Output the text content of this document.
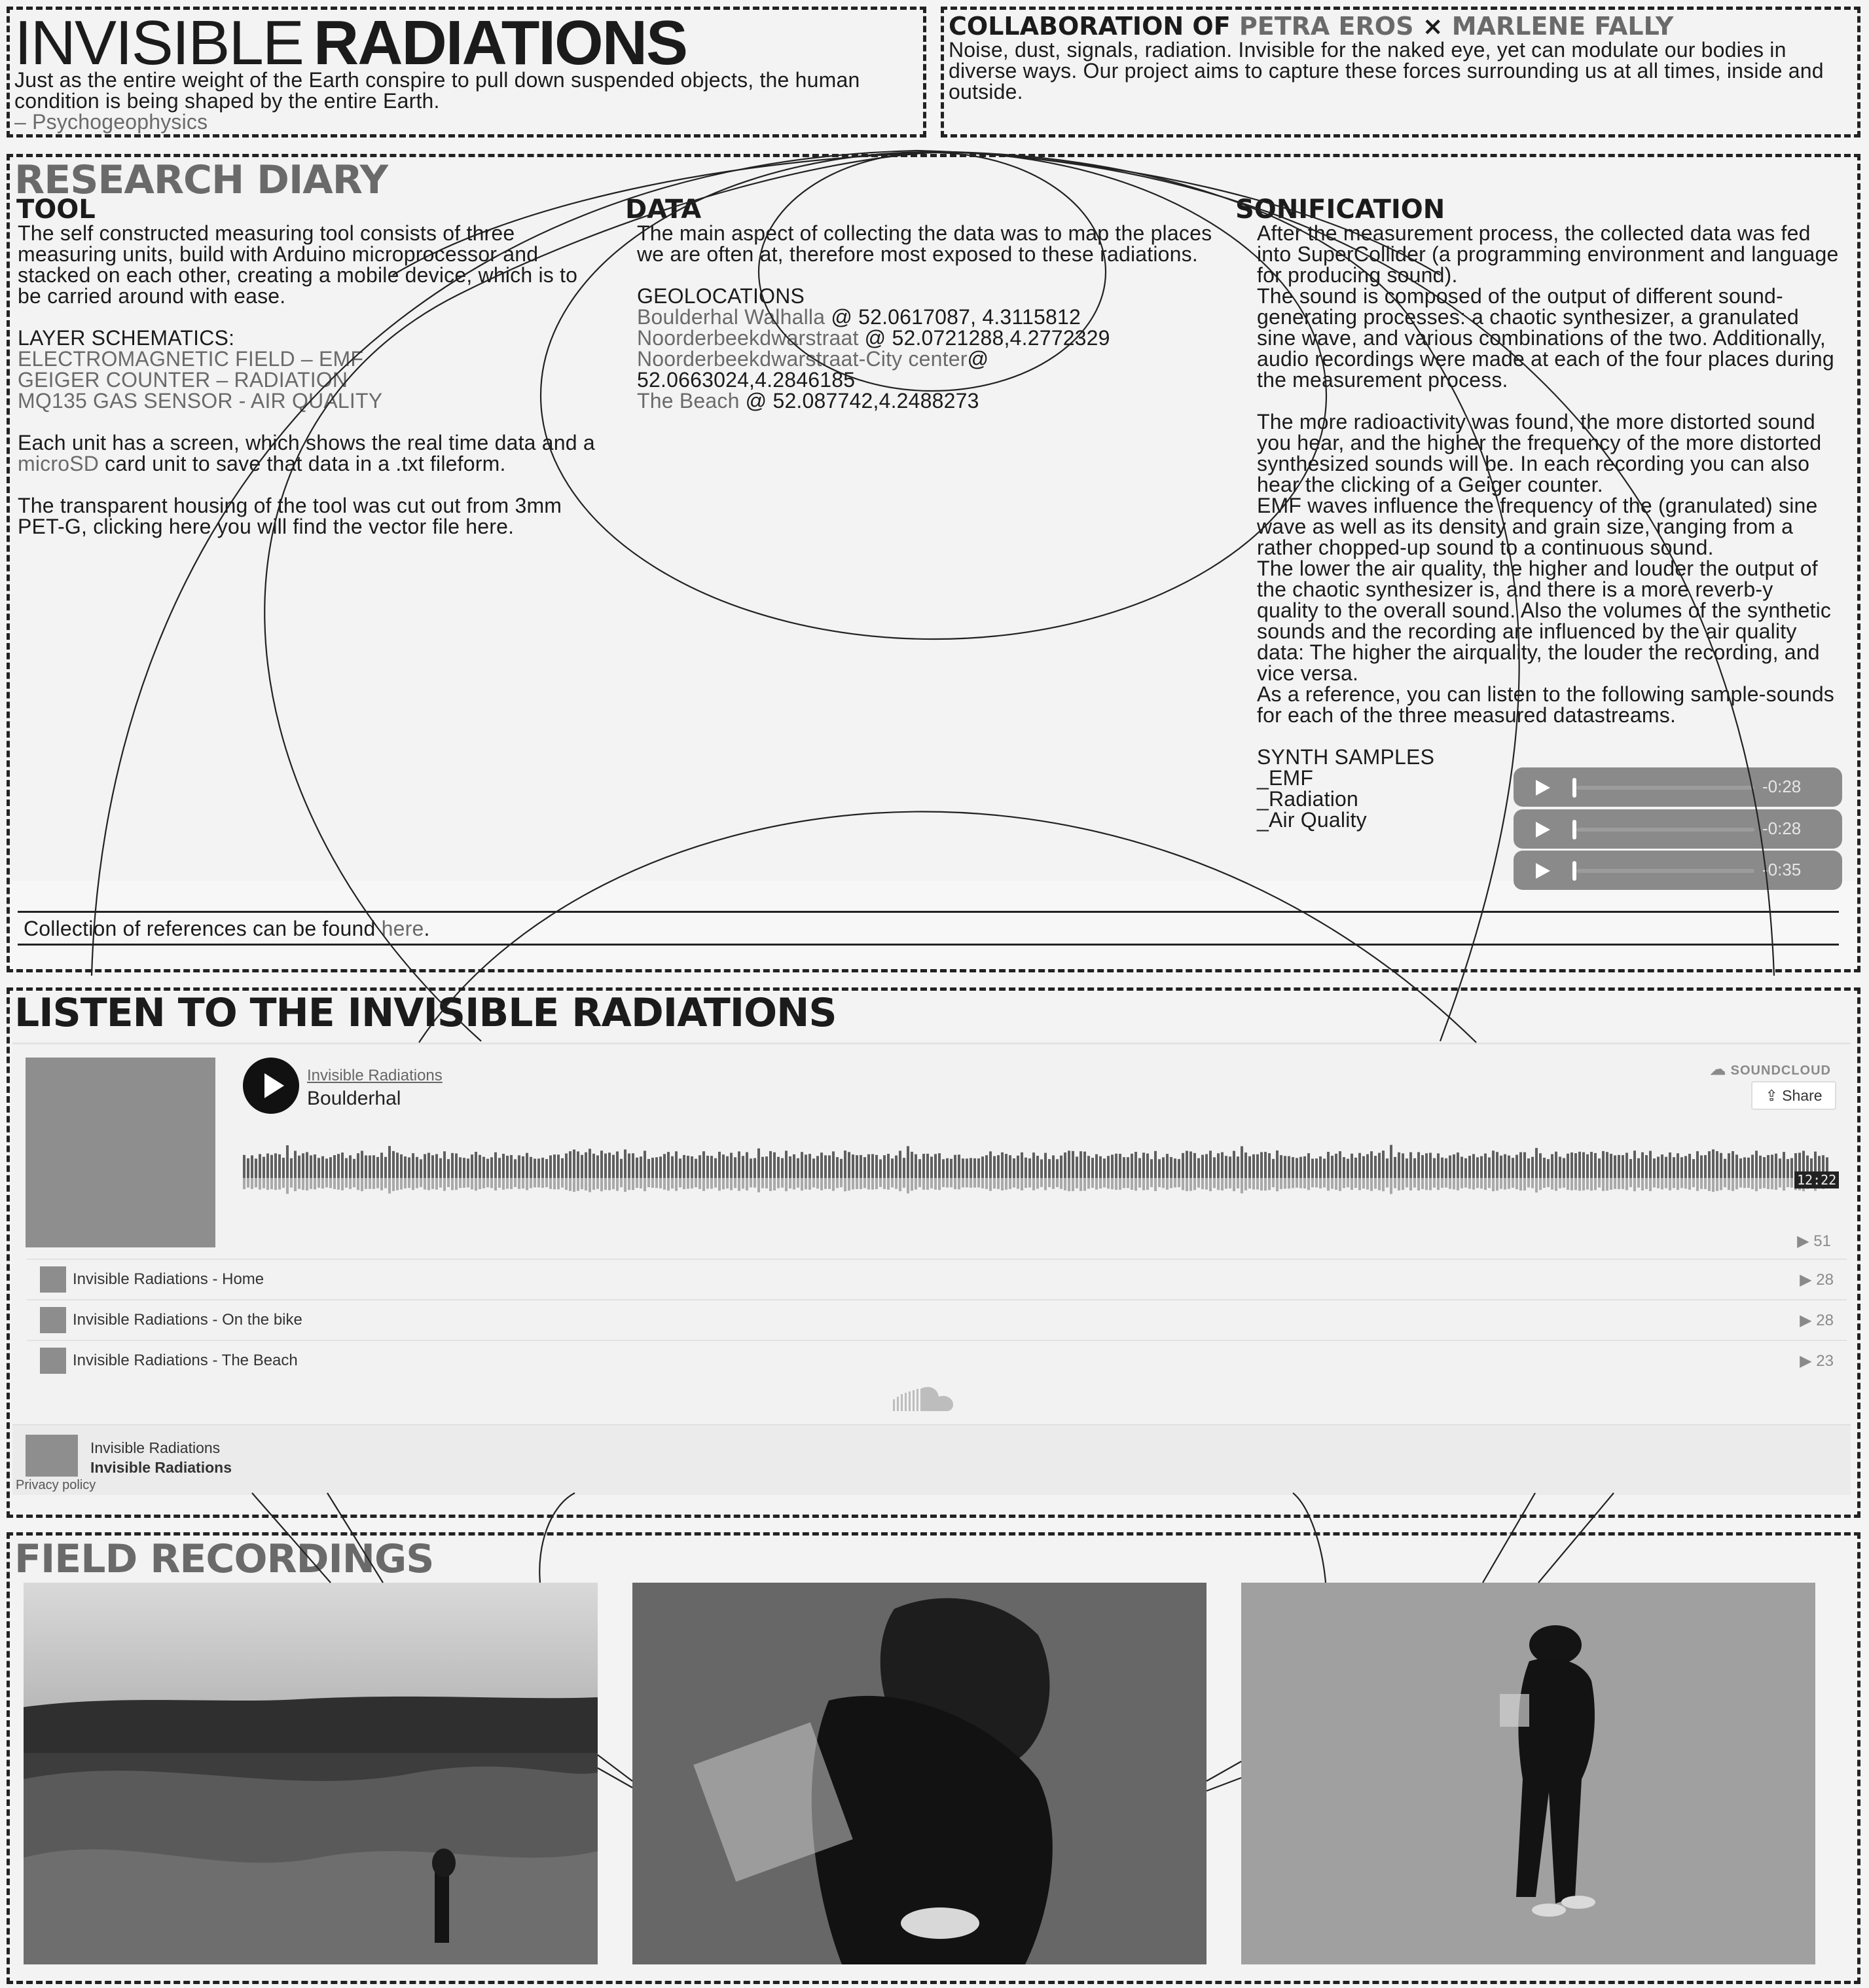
INVISIBLE RADIATIONS
Just as the entire weight of the Earth conspire to pull down suspended objects, the human
condition is being shaped by the entire Earth.
– Psychogeophysics
COLLABORATION OF PETRA EROS × MARLENE FALLY
Noise, dust, signals, radiation. Invisible for the naked eye, yet can modulate our bodies in
diverse ways. Our project aims to capture these forces surrounding us at all times, inside and
outside.
RESEARCH DIARY
TOOL
The self constructed measuring tool consists of three
measuring units, build with Arduino microprocessor and
stacked on each other, creating a mobile device, which is to
be carried around with ease.
LAYER SCHEMATICS:
ELECTROMAGNETIC FIELD – EMF
GEIGER COUNTER – RADIATION
MQ135 GAS SENSOR - AIR QUALITY
Each unit has a screen, which shows the real time data and a
microSD card unit to save that data in a .txt fileform.
The transparent housing of the tool was cut out from 3mm
PET-G, clicking here you will find the vector file here.
DATA
The main aspect of collecting the data was to map the places
we are often at, therefore most exposed to these radiations.
GEOLOCATIONS
Boulderhal Walhalla @ 52.0617087, 4.3115812
Noorderbeekdwarstraat @ 52.0721288,4.2772329
Noorderbeekdwarstraat-City center@
52.0663024,4.2846185
The Beach @ 52.087742,4.2488273
SONIFICATION
After the measurement process, the collected data was fed
into SuperCollider (a programming environment and language
for producing sound).
The sound is composed of the output of different sound-
generating processes: a chaotic synthesizer, a granulated
sine wave, and various combinations of the two. Additionally,
audio recordings were made at each of the four places during
the measurement process.
The more radioactivity was found, the more distorted sound
you hear, and the higher the frequency of the more distorted
synthesized sounds will be. In each recording you can also
hear the clicking of a Geiger counter.
EMF waves influence the frequency of the (granulated) sine
wave as well as its density and grain size, ranging from a
rather chopped-up sound to a continuous sound.
The lower the air quality, the higher and louder the output of
the chaotic synthesizer is, and there is a more reverb-y
quality to the overall sound. Also the volumes of the synthetic
sounds and the recording are influenced by the air quality
data: The higher the airquality, the louder the recording, and
vice versa.
As a reference, you can listen to the following sample-sounds
for each of the three measured datastreams.
SYNTH SAMPLES
_EMF
_Radiation
_Air Quality
-0:28
-0:28
-0:35
Collection of references can be found here.
LISTEN TO THE INVISIBLE RADIATIONS
Invisible Radiations
Boulderhal
☁ SOUNDCLOUD
⇪ Share
12:22
▶ 51
Invisible Radiations - Home	▶ 28
Invisible Radiations - On the bike	▶ 28
Invisible Radiations - The Beach	▶ 23
Invisible Radiations
Invisible Radiations
Privacy policy
FIELD RECORDINGS
